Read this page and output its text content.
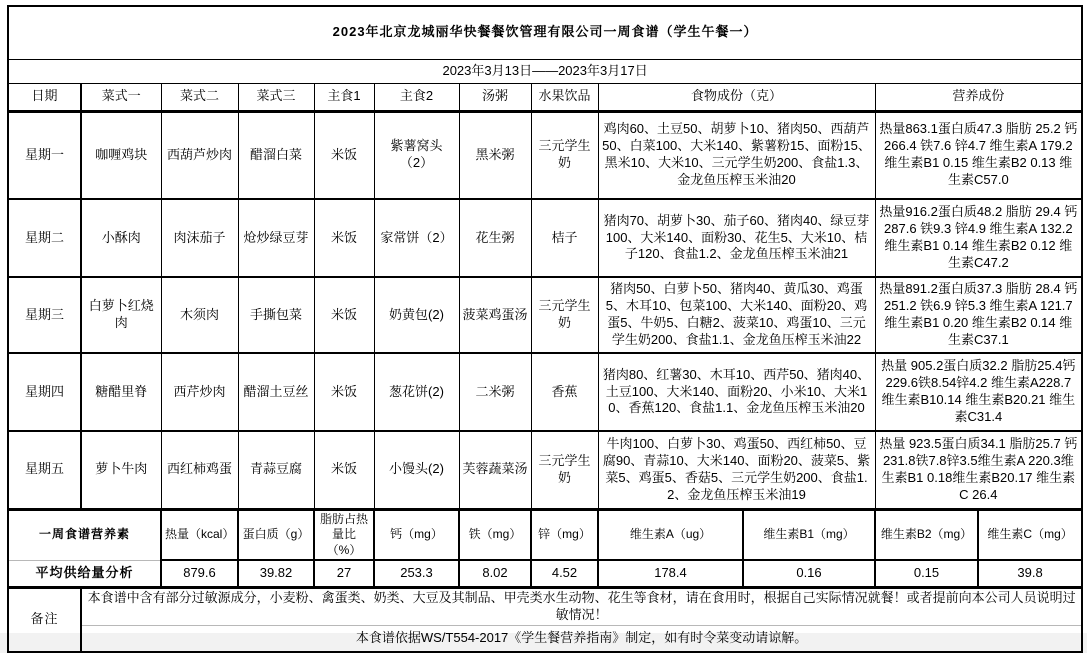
2023年北京龙城丽华快餐餐饮管理有限公司一周食谱（学生午餐一）											
2023年3月13日——2023年3月17日											
日期	菜式一	菜式二	菜式三	主食1	主食2	汤粥	水果饮品	食物成份（克）		营养成份	
星期一	咖喱鸡块	西葫芦炒肉	醋溜白菜	米饭	紫薯窝头（2）	黑米粥	三元学生奶	鸡肉60、土豆50、胡萝卜10、猪肉50、西葫芦50、白菜100、大米140、紫薯粉15、面粉15、黑米10、大米10、三元学生奶200、食盐1.3、金龙鱼压榨玉米油20		热量863.1蛋白质47.3 脂肪 25.2 钙266.4 铁7.6 锌4.7 维生素A 179.2 维生素B1 0.15 维生素B2 0.13 维生素C57.0	
星期二	小酥肉	肉沫茄子	炝炒绿豆芽	米饭	家常饼（2）	花生粥	桔子	猪肉70、胡萝卜30、茄子60、猪肉40、绿豆芽100、大米140、面粉30、花生5、大米10、桔子120、食盐1.2、金龙鱼压榨玉米油21		热量916.2蛋白质48.2 脂肪 29.4 钙287.6 铁9.3 锌4.9 维生素A 132.2 维生素B1 0.14 维生素B2 0.12 维生素C47.2	
星期三	白萝卜红烧肉	木须肉	手撕包菜	米饭	奶黄包(2)	菠菜鸡蛋汤	三元学生奶	猪肉50、白萝卜50、猪肉40、黄瓜30、鸡蛋5、木耳10、包菜100、大米140、面粉20、鸡蛋5、牛奶5、白糖2、菠菜10、鸡蛋10、三元学生奶200、食盐1.1、金龙鱼压榨玉米油22		热量891.2蛋白质37.3 脂肪 28.4 钙251.2 铁6.9 锌5.3 维生素A 121.7 维生素B1 0.20 维生素B2 0.14 维生素C37.1	
星期四	糖醋里脊	西芹炒肉	醋溜土豆丝	米饭	葱花饼(2)	二米粥	香蕉	猪肉80、红薯30、木耳10、西芹50、猪肉40、土豆100、大米140、面粉20、小米10、大米10、香蕉120、食盐1.1、金龙鱼压榨玉米油20		热量 905.2蛋白质32.2 脂肪25.4钙229.6铁8.54锌4.2 维生素A228.7 维生素B10.14 维生素B20.21 维生素C31.4	
星期五	萝卜牛肉	西红柿鸡蛋	青蒜豆腐	米饭	小馒头(2)	芙蓉蔬菜汤	三元学生奶	牛肉100、白萝卜30、鸡蛋50、西红柿50、豆腐90、青蒜10、大米140、面粉20、菠菜5、紫菜5、鸡蛋5、香菇5、三元学生奶200、食盐1.2、金龙鱼压榨玉米油19		热量 923.5蛋白质34.1 脂肪25.7 钙231.8铁7.8锌3.5维生素A 220.3维生素B1 0.18维生素B20.17 维生素C 26.4	
一周食谱营养素		热量（kcal）	蛋白质（g）	脂肪占热量比（%）	钙（mg）	铁（mg）	锌（mg）	维生素A（ug）	维生素B1（mg）	维生素B2（mg）	维生素C（mg）
平均供给量分析		879.6	39.82	27	253.3	8.02	4.52	178.4	0.16	0.15	39.8
备注	本食谱中含有部分过敏源成分，小麦粉、禽蛋类、奶类、大豆及其制品、甲壳类水生动物、花生等食材，请在食用时，根据自己实际情况就餐！或者提前向本公司人员说明过敏情况！										
	本食谱依据WS/T554-2017《学生餐营养指南》制定，如有时令菜变动请谅解。										
